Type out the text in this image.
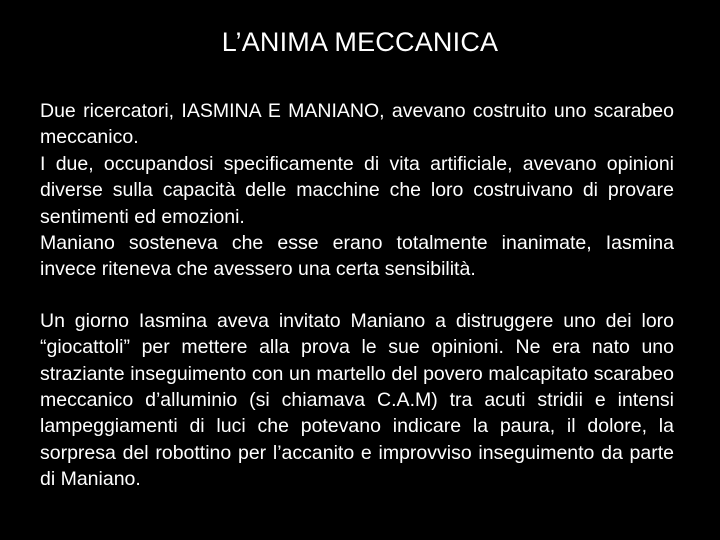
L’ANIMA MECCANICA

Due ricercatori, IASMINA E MANIANO, avevano costruito uno scarabeo meccanico.

I due, occupandosi specificamente di vita artificiale, avevano opinioni diverse sulla capacità delle macchine che loro costruivano di provare sentimenti ed emozioni.

Maniano sosteneva che esse erano totalmente inanimate, Iasmina invece riteneva che avessero una certa sensibilità.

Un giorno Iasmina aveva invitato Maniano a distruggere uno dei loro “giocattoli” per mettere alla prova le sue opinioni. Ne era nato uno straziante inseguimento con un martello del povero malcapitato scarabeo meccanico d’alluminio (si chiamava C.A.M) tra acuti stridii e intensi lampeggiamenti di luci che potevano indicare la paura, il dolore, la sorpresa del robottino per l’accanito e improvviso inseguimento da parte di Maniano.
